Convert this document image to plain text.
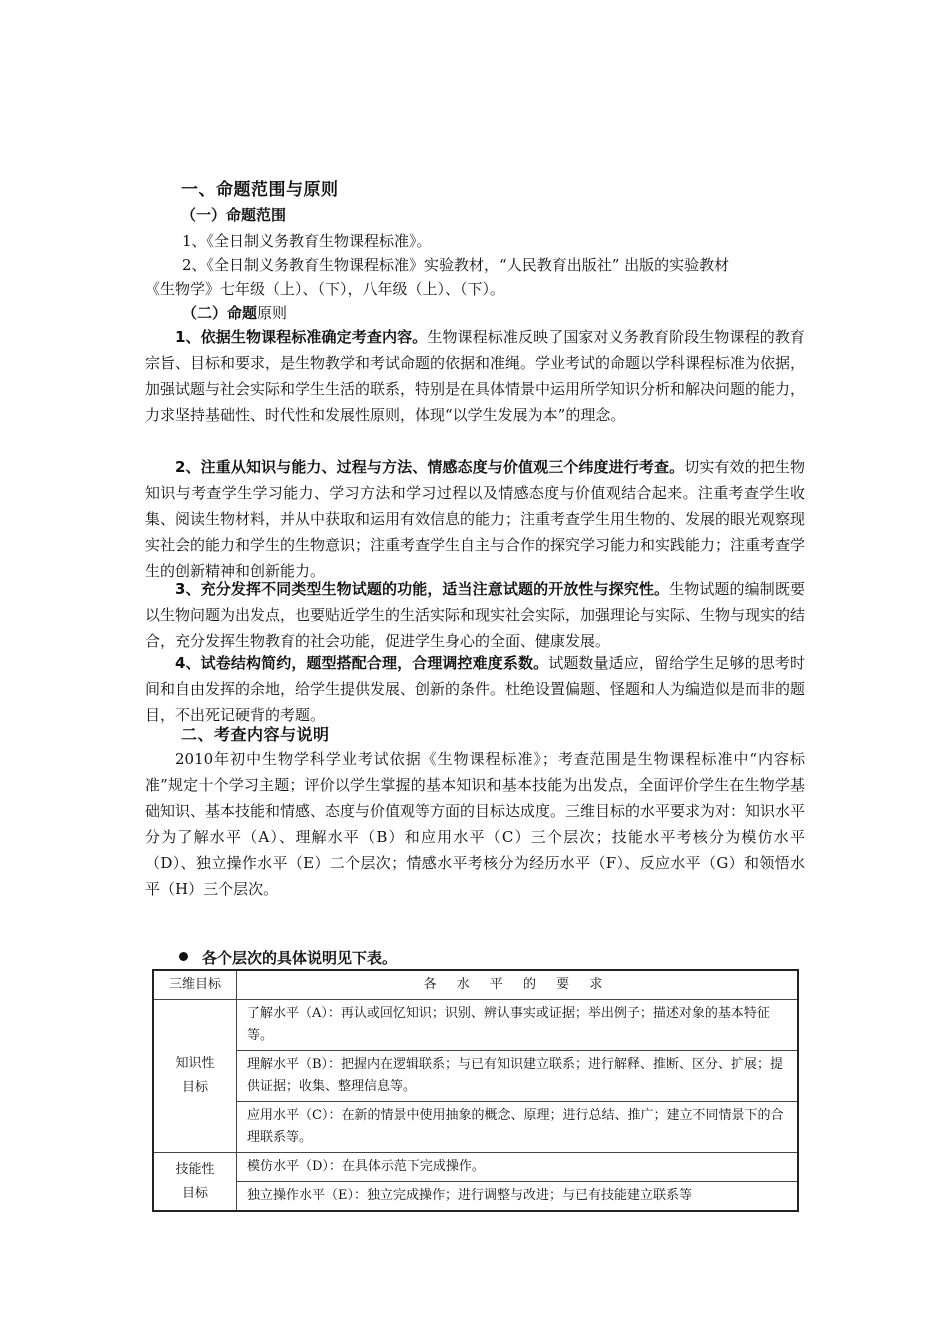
一、命题范围与原则
（一）命题范围
1、《全日制义务教育生物课程标准》。
2、《全日制义务教育生物课程标准》实验教材，“人民教育出版社” 出版的实验教材
《生物学》七年级（上）、（下），八年级（上）、（下）。
（二）命题原则

1、依据生物课程标准确定考查内容。生物课程标准反映了国家对义务教育阶段生物课程的教育宗旨、目标和要求，是生物教学和考试命题的依据和准绳。学业考试的命题以学科课程标准为依据，加强试题与社会实际和学生生活的联系，特别是在具体情景中运用所学知识分析和解决问题的能力，力求坚持基础性、时代性和发展性原则，体现“以学生发展为本”的理念。

2、注重从知识与能力、过程与方法、情感态度与价值观三个纬度进行考查。切实有效的把生物知识与考查学生学习能力、学习方法和学习过程以及情感态度与价值观结合起来。注重考查学生收集、阅读生物材料，并从中获取和运用有效信息的能力；注重考查学生用生物的、发展的眼光观察现实社会的能力和学生的生物意识；注重考查学生自主与合作的探究学习能力和实践能力；注重考查学生的创新精神和创新能力。

3、充分发挥不同类型生物试题的功能，适当注意试题的开放性与探究性。生物试题的编制既要以生物问题为出发点，也要贴近学生的生活实际和现实社会实际，加强理论与实际、生物与现实的结合，充分发挥生物教育的社会功能，促进学生身心的全面、健康发展。

4、试卷结构简约，题型搭配合理，合理调控难度系数。试题数量适应，留给学生足够的思考时间和自由发挥的余地，给学生提供发展、创新的条件。杜绝设置偏题、怪题和人为编造似是而非的题目，不出死记硬背的考题。

二、考查内容与说明

2010年初中生物学科学业考试依据《生物课程标准》；考查范围是生物课程标准中“内容标准”规定十个学习主题；评价以学生掌握的基本知识和基本技能为出发点，全面评价学生在生物学基础知识、基本技能和情感、态度与价值观等方面的目标达成度。三维目标的水平要求为对：知识水平分为了解水平（A）、理解水平（B）和应用水平（C）三个层次；技能水平考核分为模仿水平（D）、独立操作水平（E）二个层次；情感水平考核分为经历水平（F）、反应水平（G）和领悟水平（H）三个层次。

各个层次的具体说明见下表。
三维目标	各 水 平 的 要 求

知识性
目标	了解水平（A）：再认或回忆知识；识别、辨认事实或证据；举出例子；描述对象的基本特征等。
	理解水平（B）：把握内在逻辑联系；与已有知识建立联系；进行解释、推断、区分、扩展；提供证据；收集、整理信息等。
	应用水平（C）：在新的情景中使用抽象的概念、原理；进行总结、推广；建立不同情景下的合理联系等。

技能性
目标	模仿水平（D）：在具体示范下完成操作。
	独立操作水平（E）：独立完成操作；进行调整与改进；与已有技能建立联系等
